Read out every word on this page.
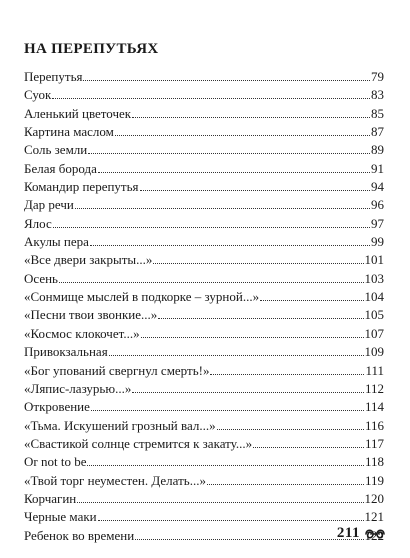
НА ПЕРЕПУТЬЯХ
Перепутья	79
Суок	83
Аленький цветочек	85
Картина маслом	87
Соль земли	89
Белая борода	91
Командир перепутья	94
Дар речи	96
Ялос	97
Акулы пера	99
«Все двери закрыты...»	101
Осень	103
«Сонмище мыслей в подкорке – зурной...»	104
«Песни твои звонкие...»	105
«Космос клокочет...»	107
Привокзальная	109
«Бог упований свергнул смерть!»	111
«Ляпис-лазурью...»	112
Откровение	114
«Тьма. Искушений грозный вал...»	116
«Свастикой солнце стремится к закату...»	117
Or not to be	118
«Твой торг неуместен. Делать...»	119
Корчагин	120
Черные маки	121
Ребенок во времени	122
211
